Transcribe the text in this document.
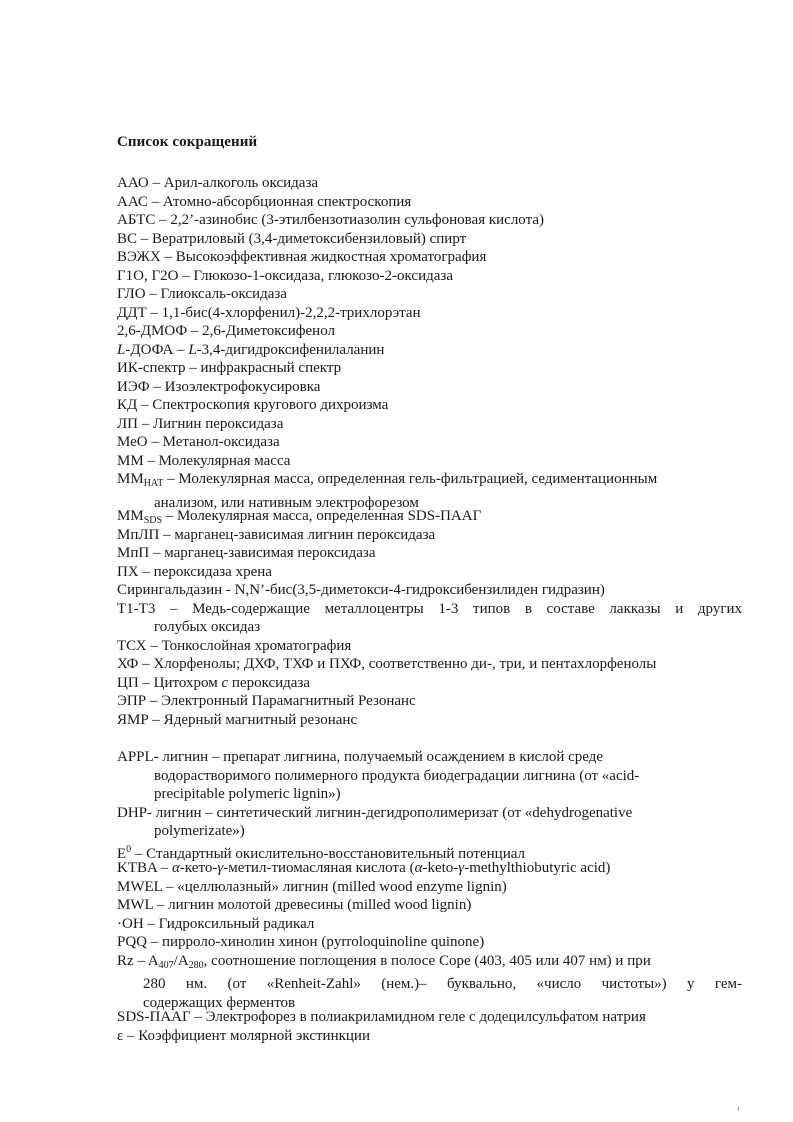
Список сокращений
ААО – Арил-алкоголь оксидаза
ААС – Атомно-абсорбционная спектроскопия
АБТС – 2,2’-азинобис (3-этилбензотиазолин сульфоновая кислота)
ВС – Вератриловый (3,4-диметоксибензиловый) спирт
ВЭЖХ – Высокоэффективная жидкостная хроматография
Г1О, Г2О – Глюкозо-1-оксидаза, глюкозо-2-оксидаза
ГЛО – Глиоксаль-оксидаза
ДДТ – 1,1-бис(4-хлорфенил)-2,2,2-трихлорэтан
2,6-ДМОФ – 2,6-Диметоксифенол
L-ДОФА – L-3,4-дигидроксифенилаланин
ИК-спектр – инфракрасный спектр
ИЭФ – Изоэлектрофокусировка
КД – Спектроскопия кругового дихроизма
ЛП – Лигнин пероксидаза
МеО – Метанол-оксидаза
ММ – Молекулярная масса
$ММ_{НАТ}$ – Молекулярная масса, определенная гель-фильтрацией, седиментационным
анализом, или нативным электрофорезом
$ММ_{SDS}$ – Молекулярная масса, определенная SDS-ПААГ
МпЛП – марганец-зависимая лигнин пероксидаза
МпП – марганец-зависимая пероксидаза
ПХ – пероксидаза хрена
Сирингальдазин - N,N’-бис(3,5-диметокси-4-гидроксибензилиден гидразин)
Т1-Т3 – Медь-содержащие металлоцентры 1-3 типов в составе лакказы и других
голубых оксидаз
ТСХ – Тонкослойная хроматография
ХФ – Хлорфенолы; ДХФ, ТХФ и ПХФ, соответственно ди-, три, и пентахлорфенолы
ЦП – Цитохром c пероксидаза
ЭПР – Электронный Парамагнитный Резонанс
ЯМР – Ядерный магнитный резонанс
APPL- лигнин – препарат лигнина, получаемый осаждением в кислой среде
водорастворимого полимерного продукта биодеградации лигнина (от «acid-
precipitable polymeric lignin»)
DHP- лигнин – синтетический лигнин-дегидрополимеризат (от «dehydrogenative
polymerizate»)
$E^0$ – Стандартный окислительно-восстановительный потенциал
KTBA – α-кето-γ-метил-тиомасляная кислота (α-keto-γ-methylthiobutyric acid)
MWEL – «целлюлазный» лигнин (milled wood enzyme lignin)
MWL – лигнин молотой древесины (milled wood lignin)
·OH – Гидроксильный радикал
PQQ – пирроло-хинолин хинон (pyrroloquinoline quinone)
Rz – $A_{407}/A_{280}$, соотношение поглощения в полосе Соре (403, 405 или 407 нм) и при
280 нм. (от «Renheit-Zahl» (нем.)– буквально, «число чистоты») у гем-
содержащих ферментов
SDS-ПААГ – Электрофорез в полиакриламидном геле с додецилсульфатом натрия
ε – Коэффициент молярной экстинкции
1
